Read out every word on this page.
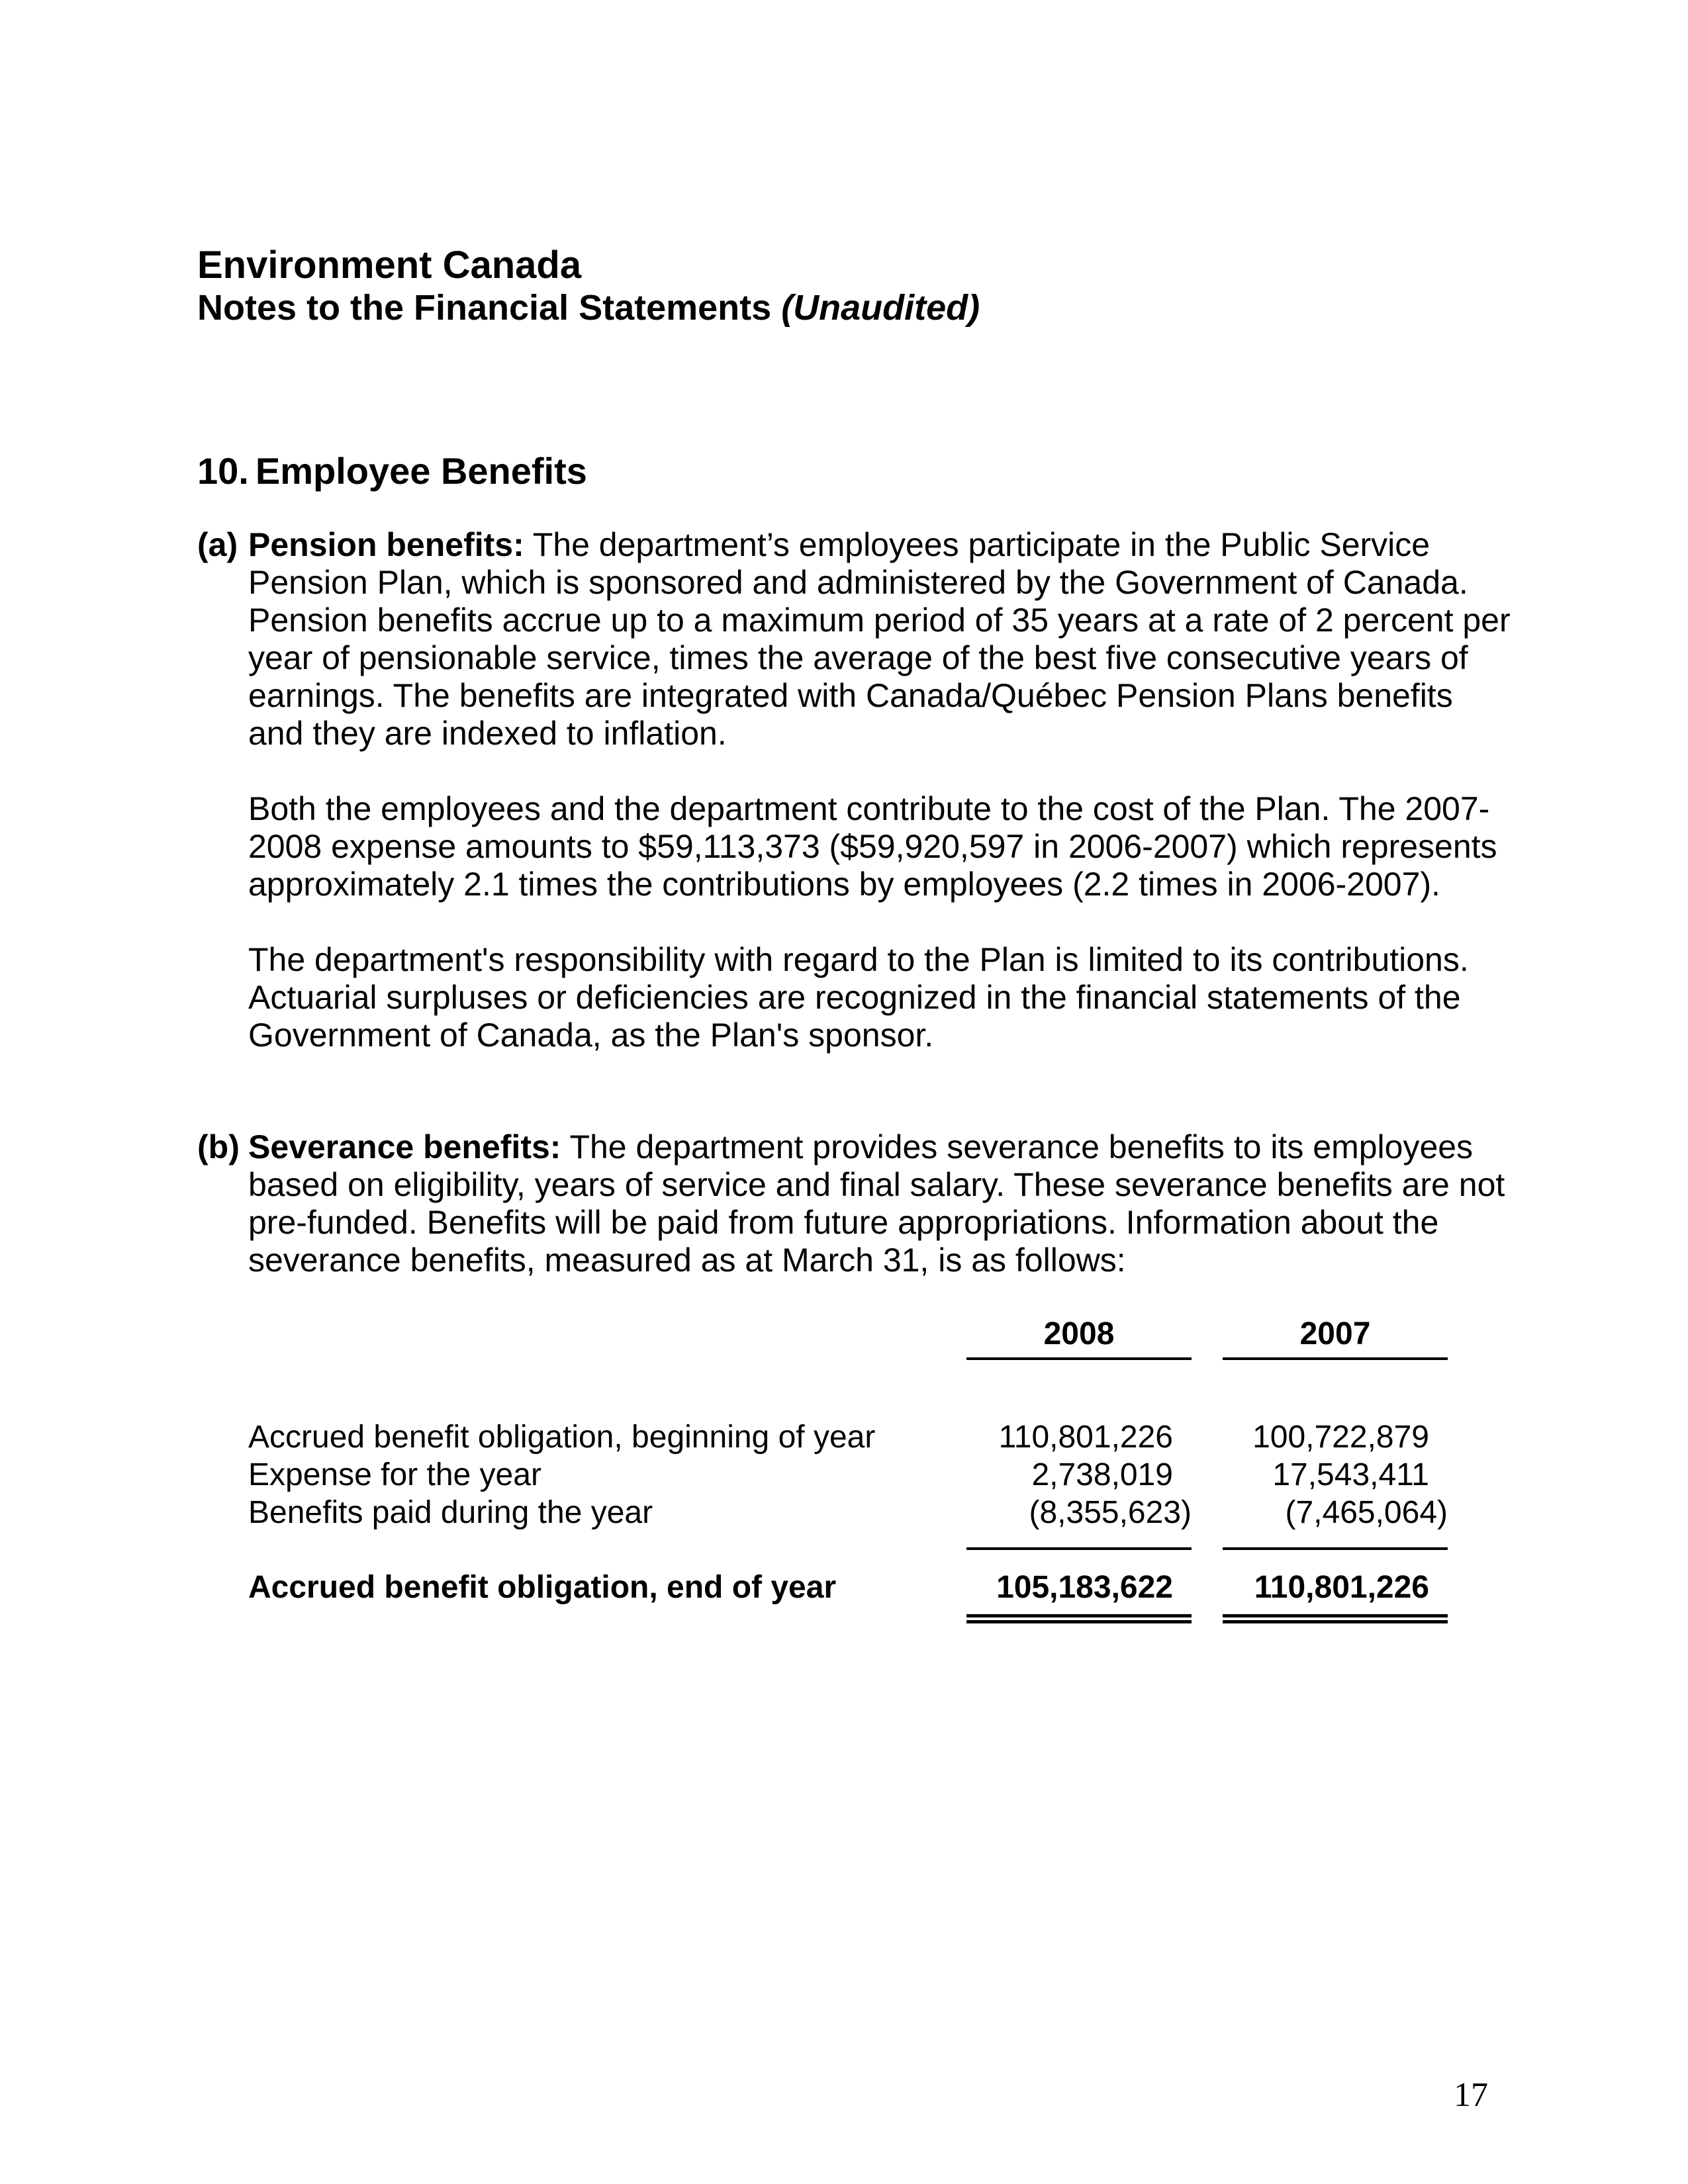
Environment Canada
Notes to the Financial Statements (Unaudited)
10. Employee Benefits
(a) Pension benefits: The department’s employees participate in the Public Service Pension Plan, which is sponsored and administered by the Government of Canada. Pension benefits accrue up to a maximum period of 35 years at a rate of 2 percent per year of pensionable service, times the average of the best five consecutive years of earnings. The benefits are integrated with Canada/Québec Pension Plans benefits and they are indexed to inflation.
Both the employees and the department contribute to the cost of the Plan. The 2007-2008 expense amounts to $59,113,373 ($59,920,597 in 2006-2007) which represents approximately 2.1 times the contributions by employees (2.2 times in 2006-2007).
The department's responsibility with regard to the Plan is limited to its contributions. Actuarial surpluses or deficiencies are recognized in the financial statements of the Government of Canada, as the Plan's sponsor.
(b) Severance benefits: The department provides severance benefits to its employees based on eligibility, years of service and final salary. These severance benefits are not pre-funded. Benefits will be paid from future appropriations. Information about the severance benefits, measured as at March 31, is as follows:
2008	2007
Accrued benefit obligation, beginning of year	110,801,226	100,722,879
Expense for the year	2,738,019	17,543,411
Benefits paid during the year	(8,355,623)	(7,465,064)
Accrued benefit obligation, end of year	105,183,622	110,801,226
17
